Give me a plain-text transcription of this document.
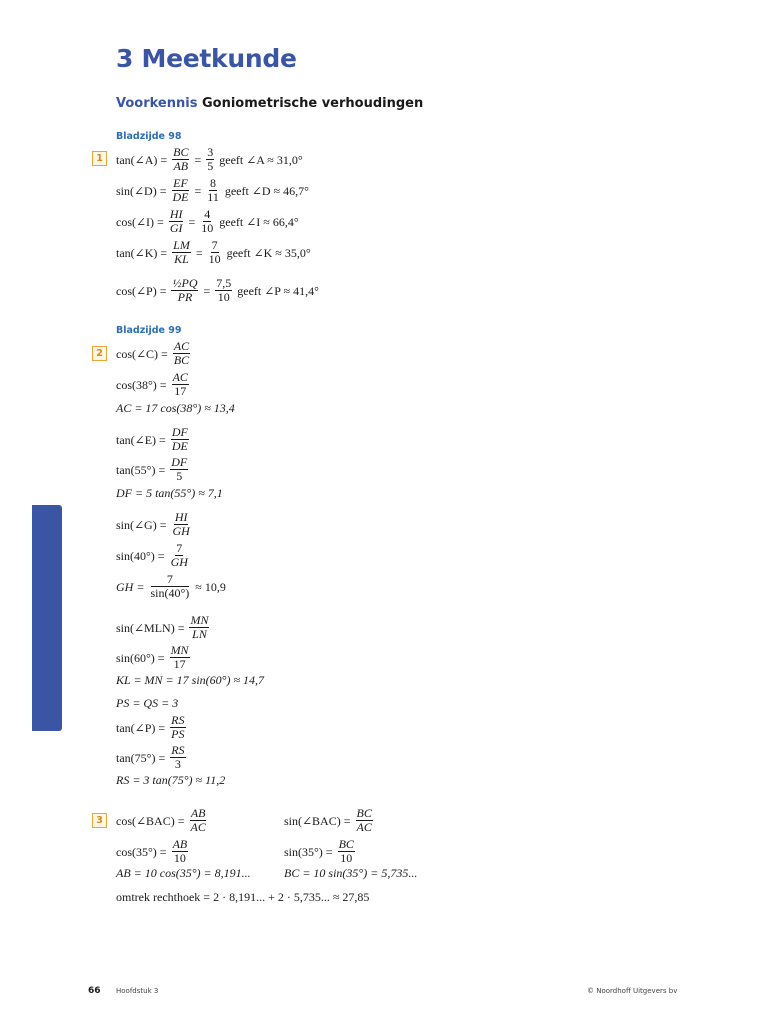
3 Meetkunde
Voorkennis Goniometrische verhoudingen
Bladzijde 98
1	tan(∠A) = $\frac{BC}{AB} = \frac{3}{5}$ geeft ∠A ≈ 31,0°
sin(∠D) = $\frac{EF}{DE} = \frac{8}{11}$ geeft ∠D ≈ 46,7°
cos(∠I) = $\frac{HI}{GI} = \frac{4}{10}$ geeft ∠I ≈ 66,4°
tan(∠K) = $\frac{LM}{KL} = \frac{7}{10}$ geeft ∠K ≈ 35,0°
cos(∠P) = $\frac{\text{½PQ}}{PR} = \frac{7,5}{10}$ geeft ∠P ≈ 41,4°
Bladzijde 99
2	cos(∠C) = $\frac{AC}{BC}$
$\cos(38^\circ) = \frac{AC}{17}$
AC = 17 cos(38°) ≈ 13,4
tan(∠E) = $\frac{DF}{DE}$
$\tan(55^\circ) = \frac{DF}{5}$
DF = 5 tan(55°) ≈ 7,1
sin(∠G) = $\frac{HI}{GH}$
$\sin(40^\circ) = \frac{7}{GH}$
GH = $\frac{7}{\sin(40^\circ)} \approx 10,9$
sin(∠MLN) = $\frac{MN}{LN}$
$\sin(60^\circ) = \frac{MN}{17}$
KL = MN = 17 sin(60°) ≈ 14,7
PS = QS = 3
tan(∠P) = $\frac{RS}{PS}$
$\tan(75^\circ) = \frac{RS}{3}$
RS = 3 tan(75°) ≈ 11,2
3	cos(∠BAC) = $\frac{AB}{AC}$	sin(∠BAC) = $\frac{BC}{AC}$
$\cos(35^\circ) = \frac{AB}{10}$	$\sin(35^\circ) = \frac{BC}{10}$
AB = 10 cos(35°) = 8,191...	BC = 10 sin(35°) = 5,735...
omtrek rechthoek = 2 · 8,191... + 2 · 5,735... ≈ 27,85
66 Hoofdstuk 3	© Noordhoff Uitgevers bv
